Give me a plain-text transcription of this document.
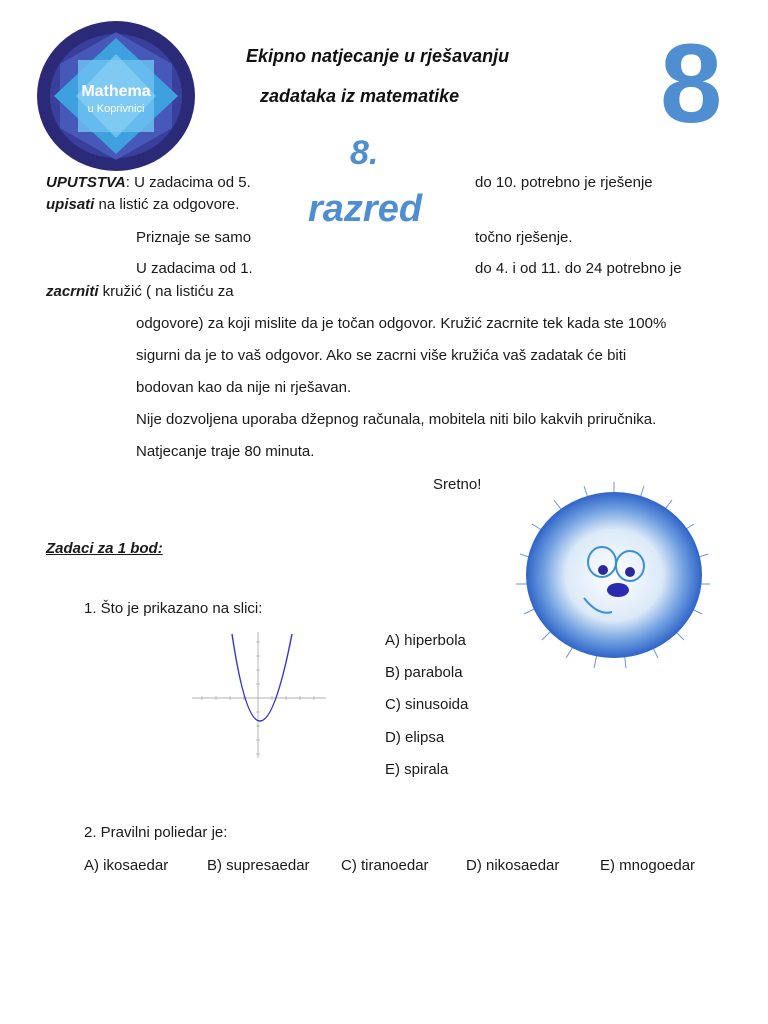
Mathema
u Koprivnici
Ekipno natjecanje u rješavanju
zadataka iz matematike 8
8.
razred
UPUTSTVA: U zadacima od 5.	do 10. potrebno je rješenje
upisati na listić za odgovore.
Priznaje se samo	točno rješenje.
U zadacima od 1.	do 4. i od 11. do 24 potrebno je
zacrniti kružić ( na listiću za
odgovore) za koji mislite da je točan odgovor. Kružić zacrnite tek kada ste 100%
sigurni da je to vaš odgovor. Ako se zacrni više kružića vaš zadatak će biti
bodovan kao da nije ni rješavan.
Nije dozvoljena uporaba džepnog računala, mobitela niti bilo kakvih priručnika.
Natjecanje traje 80 minuta.
Sretno!
Zadaci za 1 bod:
1. Što je prikazano na slici:
A) hiperbola
B) parabola
C) sinusoida
D) elipsa
E) spirala
2. Pravilni poliedar je:
A) ikosaedar	B) supresaedar C) tiranoedar D) nikosaedar	E) mnogoedar
